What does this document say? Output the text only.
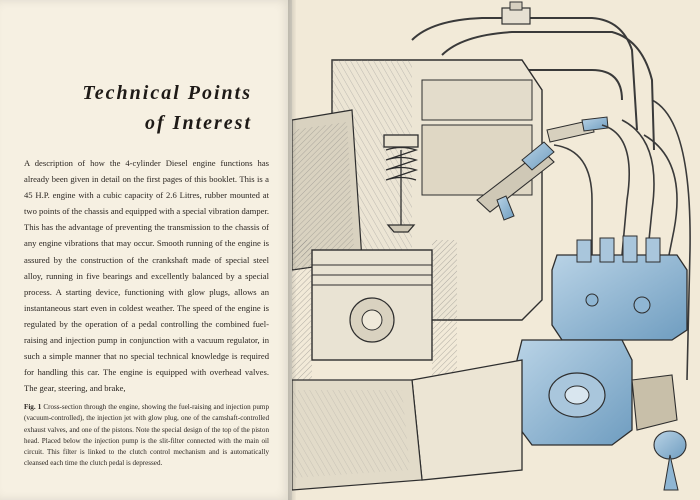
Technical Points
of Interest
A description of how the 4-cylinder Diesel engine functions has already been given in detail on the first pages of this booklet. This is a 45 H.P. engine with a cubic capacity of 2.6 Litres, rubber mounted at two points of the chassis and equipped with a special vibration damper. This has the advantage of preventing the transmission to the chassis of any engine vibrations that may occur. Smooth running of the engine is assured by the construction of the crankshaft made of special steel alloy, running in five bearings and excellently balanced by a special process. A starting device, functioning with glow plugs, allows an instantaneous start even in coldest weather. The speed of the engine is regulated by the operation of a pedal controlling the combined fuel-raising and injection pump in conjunction with a vacuum regulator, in such a simple manner that no special technical knowledge is required for handling this car. The engine is equipped with overhead valves. The gear, steering, and brake,
Fig. 1 Cross-section through the engine, showing the fuel-raising and injection pump (vacuum-controlled), the injection jet with glow plug, one of the camshaft-controlled exhaust valves, and one of the pistons. Note the special design of the top of the piston head. Placed below the injection pump is the slit-filter connected with the main oil circuit. This filter is linked to the clutch control mechanism and is automatically cleansed each time the clutch pedal is depressed.
